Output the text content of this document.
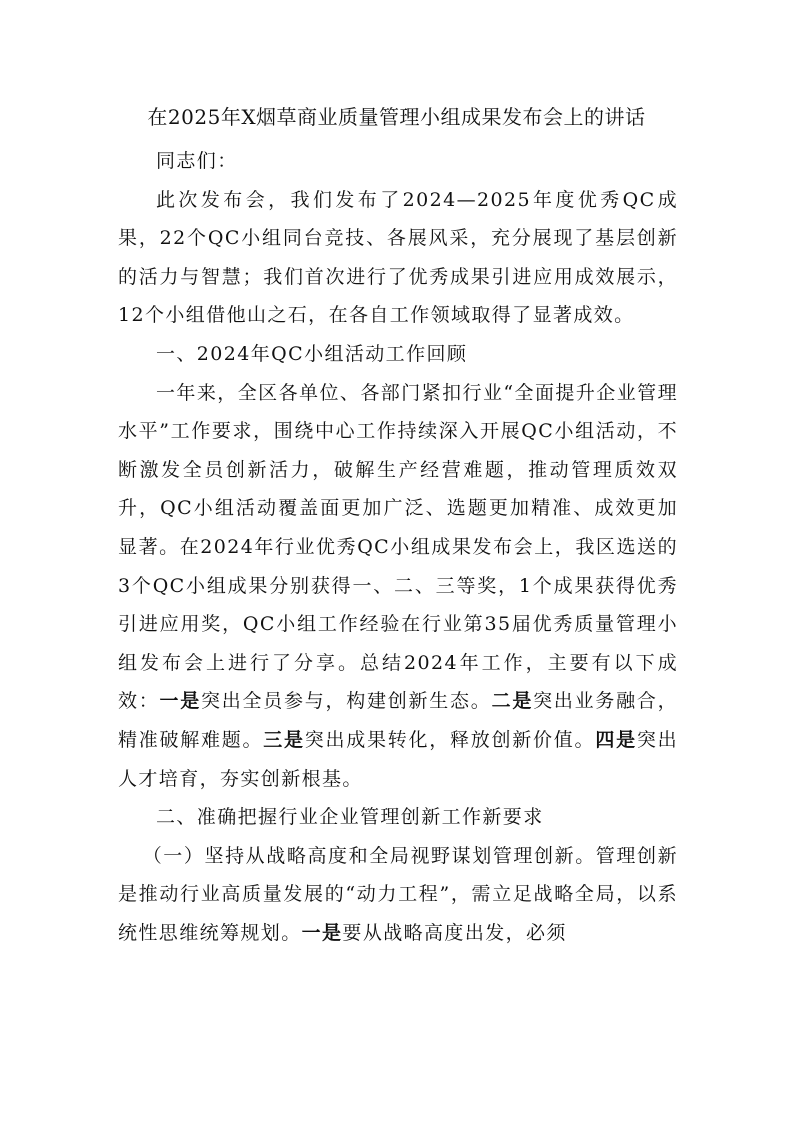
在2025年X烟草商业质量管理小组成果发布会上的讲话

同志们：

此次发布会，我们发布了2024—2025年度优秀QC成果，22个QC小组同台竞技、各展风采，充分展现了基层创新的活力与智慧；我们首次进行了优秀成果引进应用成效展示，12个小组借他山之石，在各自工作领域取得了显著成效。

一、2024年QC小组活动工作回顾

一年来，全区各单位、各部门紧扣行业“全面提升企业管理水平”工作要求，围绕中心工作持续深入开展QC小组活动，不断激发全员创新活力，破解生产经营难题，推动管理质效双升，QC小组活动覆盖面更加广泛、选题更加精准、成效更加显著。在2024年行业优秀QC小组成果发布会上，我区选送的3个QC小组成果分别获得一、二、三等奖，1个成果获得优秀引进应用奖，QC小组工作经验在行业第35届优秀质量管理小组发布会上进行了分享。总结2024年工作，主要有以下成效：一是突出全员参与，构建创新生态。二是突出业务融合，精准破解难题。三是突出成果转化，释放创新价值。四是突出人才培育，夯实创新根基。

二、准确把握行业企业管理创新工作新要求

（一）坚持从战略高度和全局视野谋划管理创新。管理创新是推动行业高质量发展的“动力工程”，需立足战略全局，以系统性思维统筹规划。一是要从战略高度出发，必须
